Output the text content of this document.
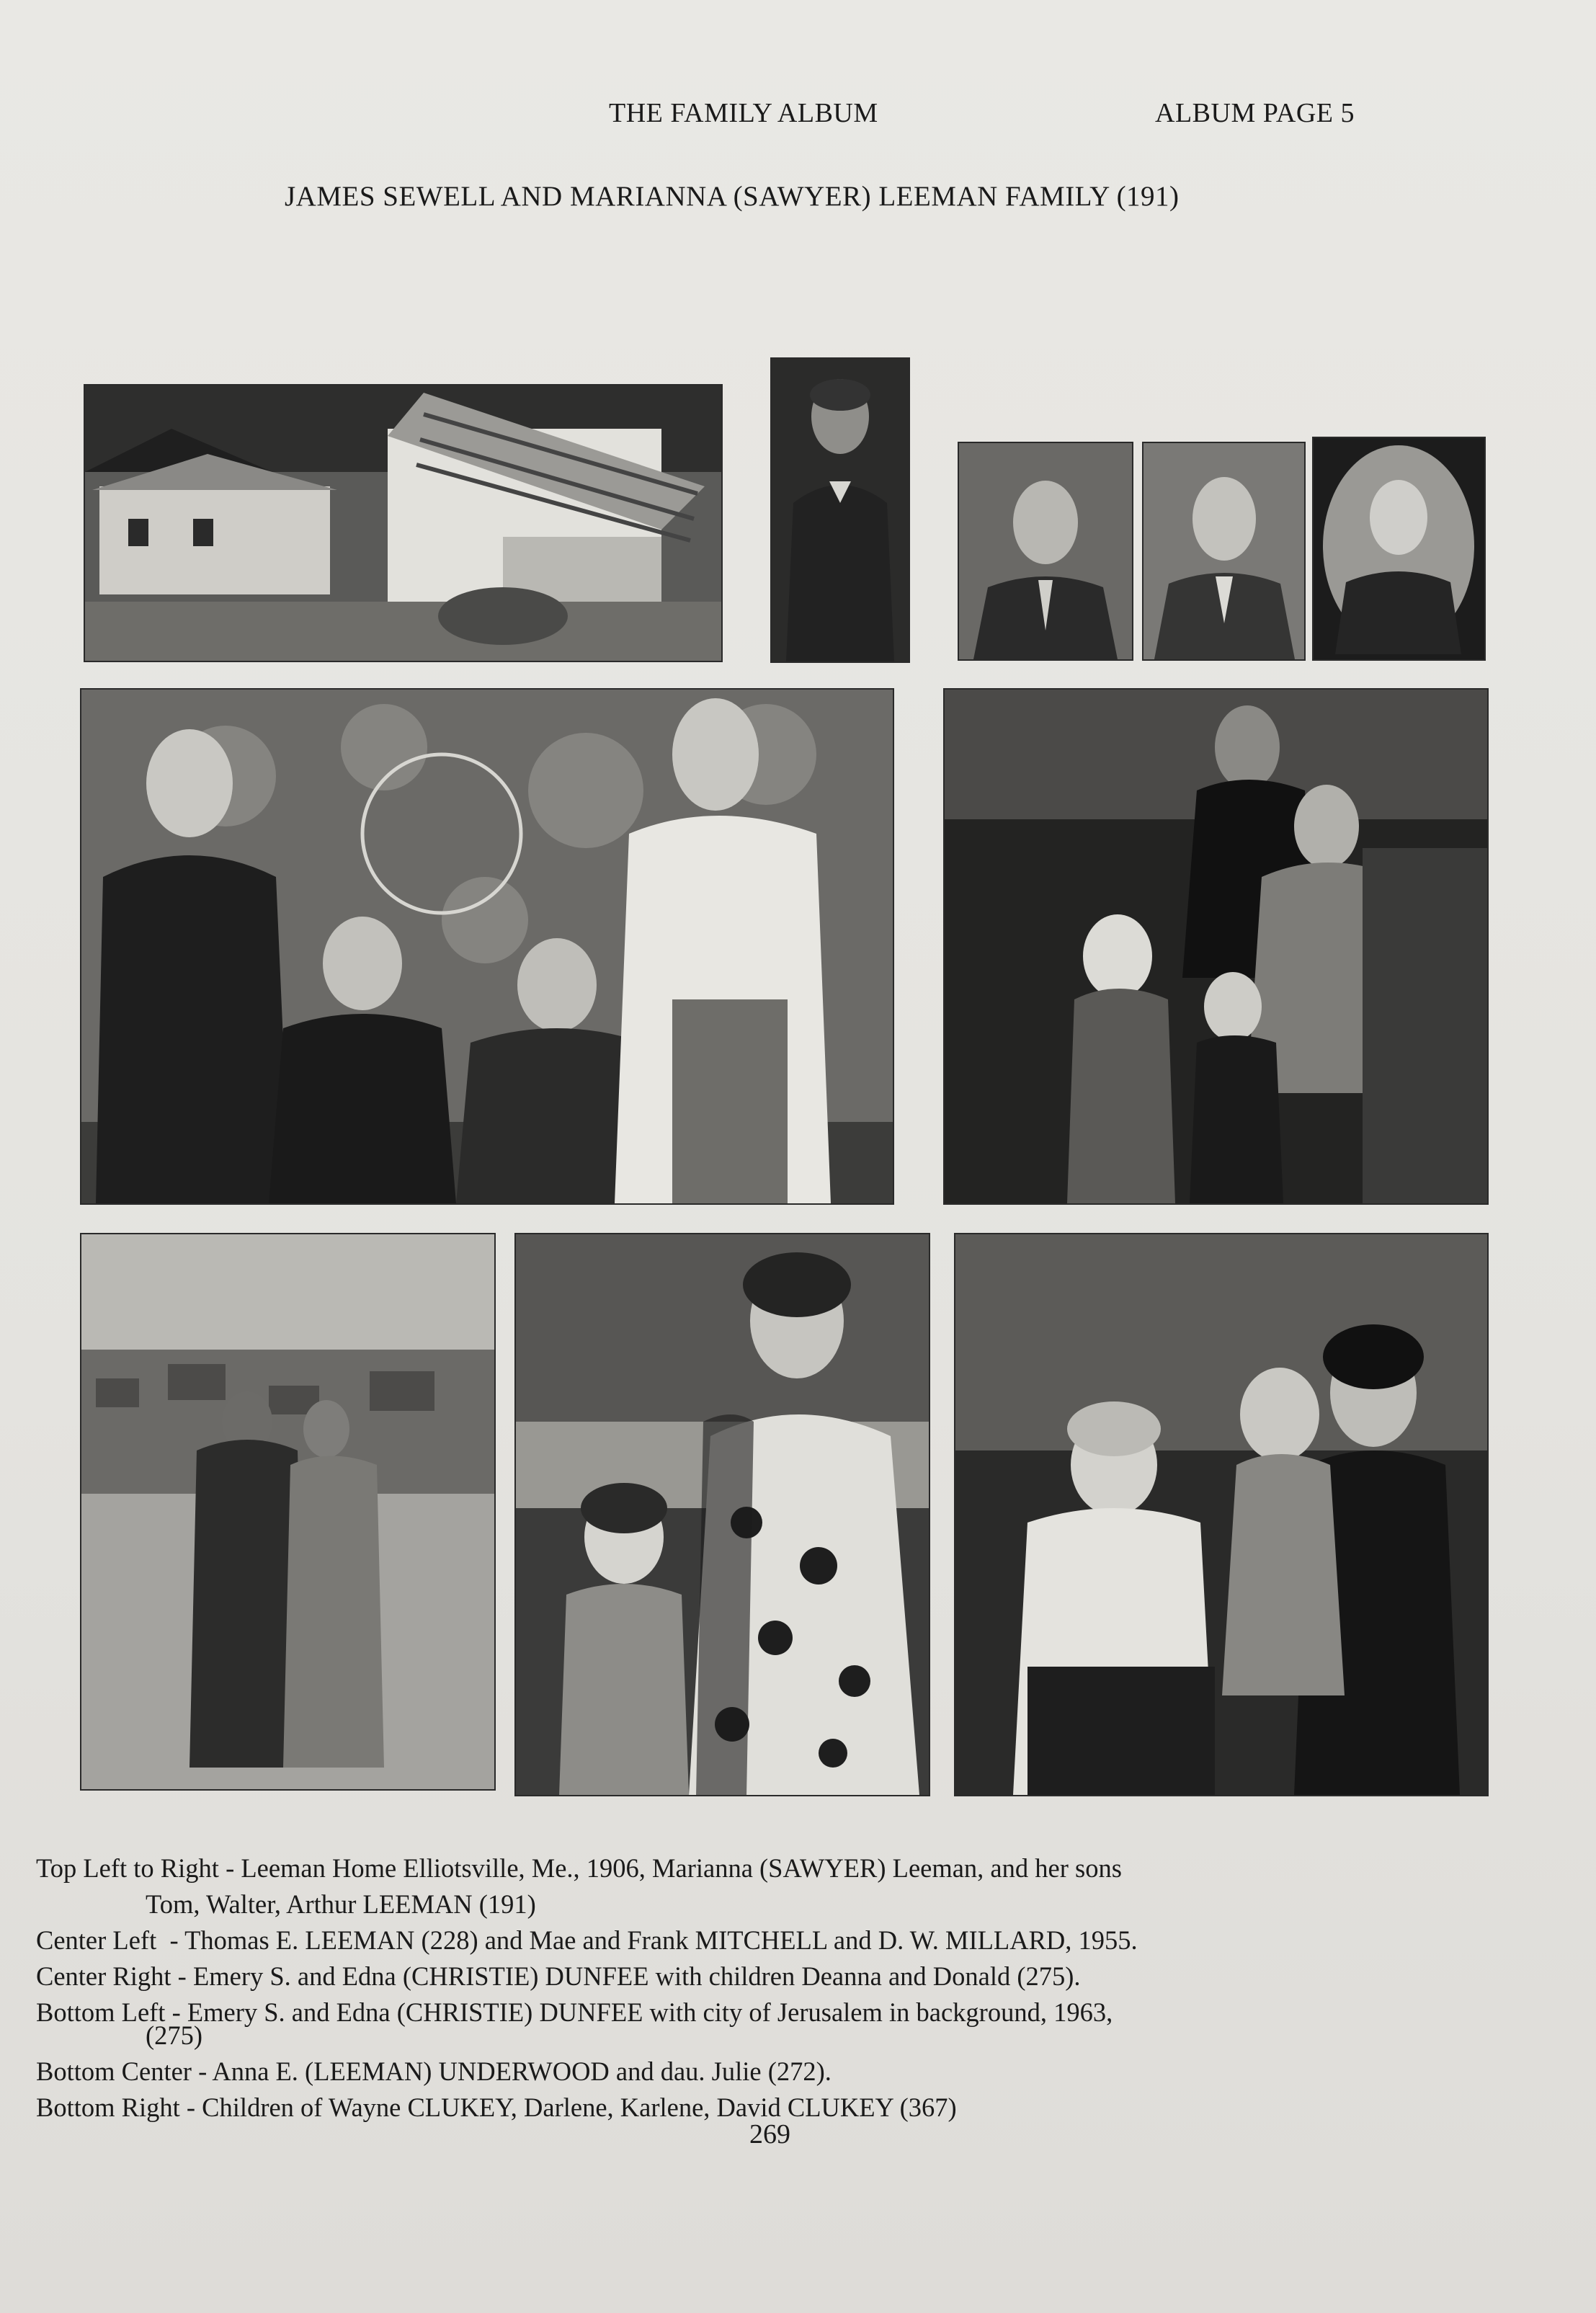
THE FAMILY ALBUM	ALBUM PAGE 5
JAMES SEWELL AND MARIANNA (SAWYER) LEEMAN FAMILY (191)
Top Left to Right - Leeman Home Elliotsville, Me., 1906, Marianna (SAWYER) Leeman, and her sons
Tom, Walter, Arthur LEEMAN (191)
Center Left  - Thomas E. LEEMAN (228) and Mae and Frank MITCHELL and D. W. MILLARD, 1955.
Center Right - Emery S. and Edna (CHRISTIE) DUNFEE with children Deanna and Donald (275).
Bottom Left - Emery S. and Edna (CHRISTIE) DUNFEE with city of Jerusalem in background, 1963,
(275)
Bottom Center - Anna E. (LEEMAN) UNDERWOOD and dau. Julie (272).
Bottom Right - Children of Wayne CLUKEY, Darlene, Karlene, David CLUKEY (367)
269
